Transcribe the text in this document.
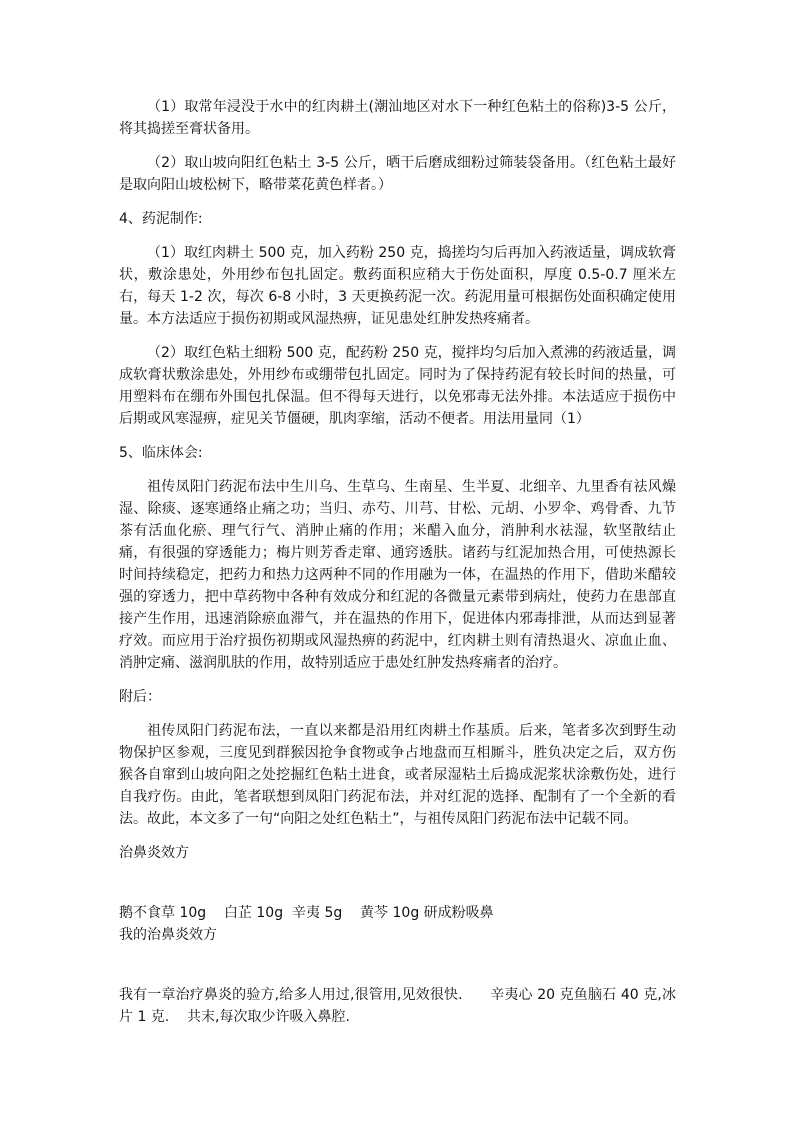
（1）取常年浸没于水中的红肉耕土(潮汕地区对水下一种红色粘土的俗称)3-5 公斤，将其捣搓至膏状备用。

（2）取山坡向阳红色粘土 3-5 公斤，晒干后磨成细粉过筛装袋备用。（红色粘土最好是取向阳山坡松树下，略带菜花黄色样者。）

4、药泥制作:

（1）取红肉耕土 500 克，加入药粉 250 克，捣搓均匀后再加入药液适量，调成软膏状，敷涂患处，外用纱布包扎固定。敷药面积应稍大于伤处面积，厚度 0.5-0.7 厘米左右，每天 1-2 次，每次 6-8 小时，3 天更换药泥一次。药泥用量可根据伤处面积确定使用量。本方法适应于损伤初期或风湿热痹，证见患处红肿发热疼痛者。

（2）取红色粘土细粉 500 克，配药粉 250 克，搅拌均匀后加入煮沸的药液适量，调成软膏状敷涂患处，外用纱布或绷带包扎固定。同时为了保持药泥有较长时间的热量，可用塑料布在绷布外围包扎保温。但不得每天进行，以免邪毒无法外排。本法适应于损伤中后期或风寒湿痹，症见关节僵硬，肌肉挛缩，活动不便者。用法用量同（1）

5、临床体会:

祖传凤阳门药泥布法中生川乌、生草乌、生南星、生半夏、北细辛、九里香有祛风燥湿、除痰、逐寒通络止痛之功；当归、赤芍、川芎、甘松、元胡、小罗伞、鸡骨香、九节茶有活血化瘀、理气行气、消肿止痛的作用；米醋入血分，消肿利水祛湿，软坚散结止痛，有很强的穿透能力；梅片则芳香走窜、通窍透肤。诸药与红泥加热合用，可使热源长时间持续稳定，把药力和热力这两种不同的作用融为一体，在温热的作用下，借助米醋较强的穿透力，把中草药物中各种有效成分和红泥的各微量元素带到病灶，使药力在患部直接产生作用，迅速消除瘀血滞气，并在温热的作用下，促进体内邪毒排泄，从而达到显著疗效。而应用于治疗损伤初期或风湿热痹的药泥中，红肉耕土则有清热退火、凉血止血、消肿定痛、滋润肌肤的作用，故特别适应于患处红肿发热疼痛者的治疗。

附后：

祖传凤阳门药泥布法，一直以来都是沿用红肉耕土作基质。后来，笔者多次到野生动物保护区参观，三度见到群猴因抢争食物或争占地盘而互相厮斗，胜负决定之后，双方伤猴各自窜到山坡向阳之处挖掘红色粘土进食，或者尿湿粘土后捣成泥浆状涂敷伤处，进行自我疗伤。由此，笔者联想到凤阳门药泥布法，并对红泥的选择、配制有了一个全新的看法。故此，本文多了一句“向阳之处红色粘土”，与祖传凤阳门药泥布法中记载不同。

治鼻炎效方

鹅不食草 10g    白芷 10g  辛夷 5g    黄芩 10g 研成粉吸鼻

我的治鼻炎效方

我有一章治疗鼻炎的验方,给多人用过,很管用,见效很快.      辛夷心 20 克鱼脑石 40 克,冰片 1 克.    共末,每次取少许吸入鼻腔.
